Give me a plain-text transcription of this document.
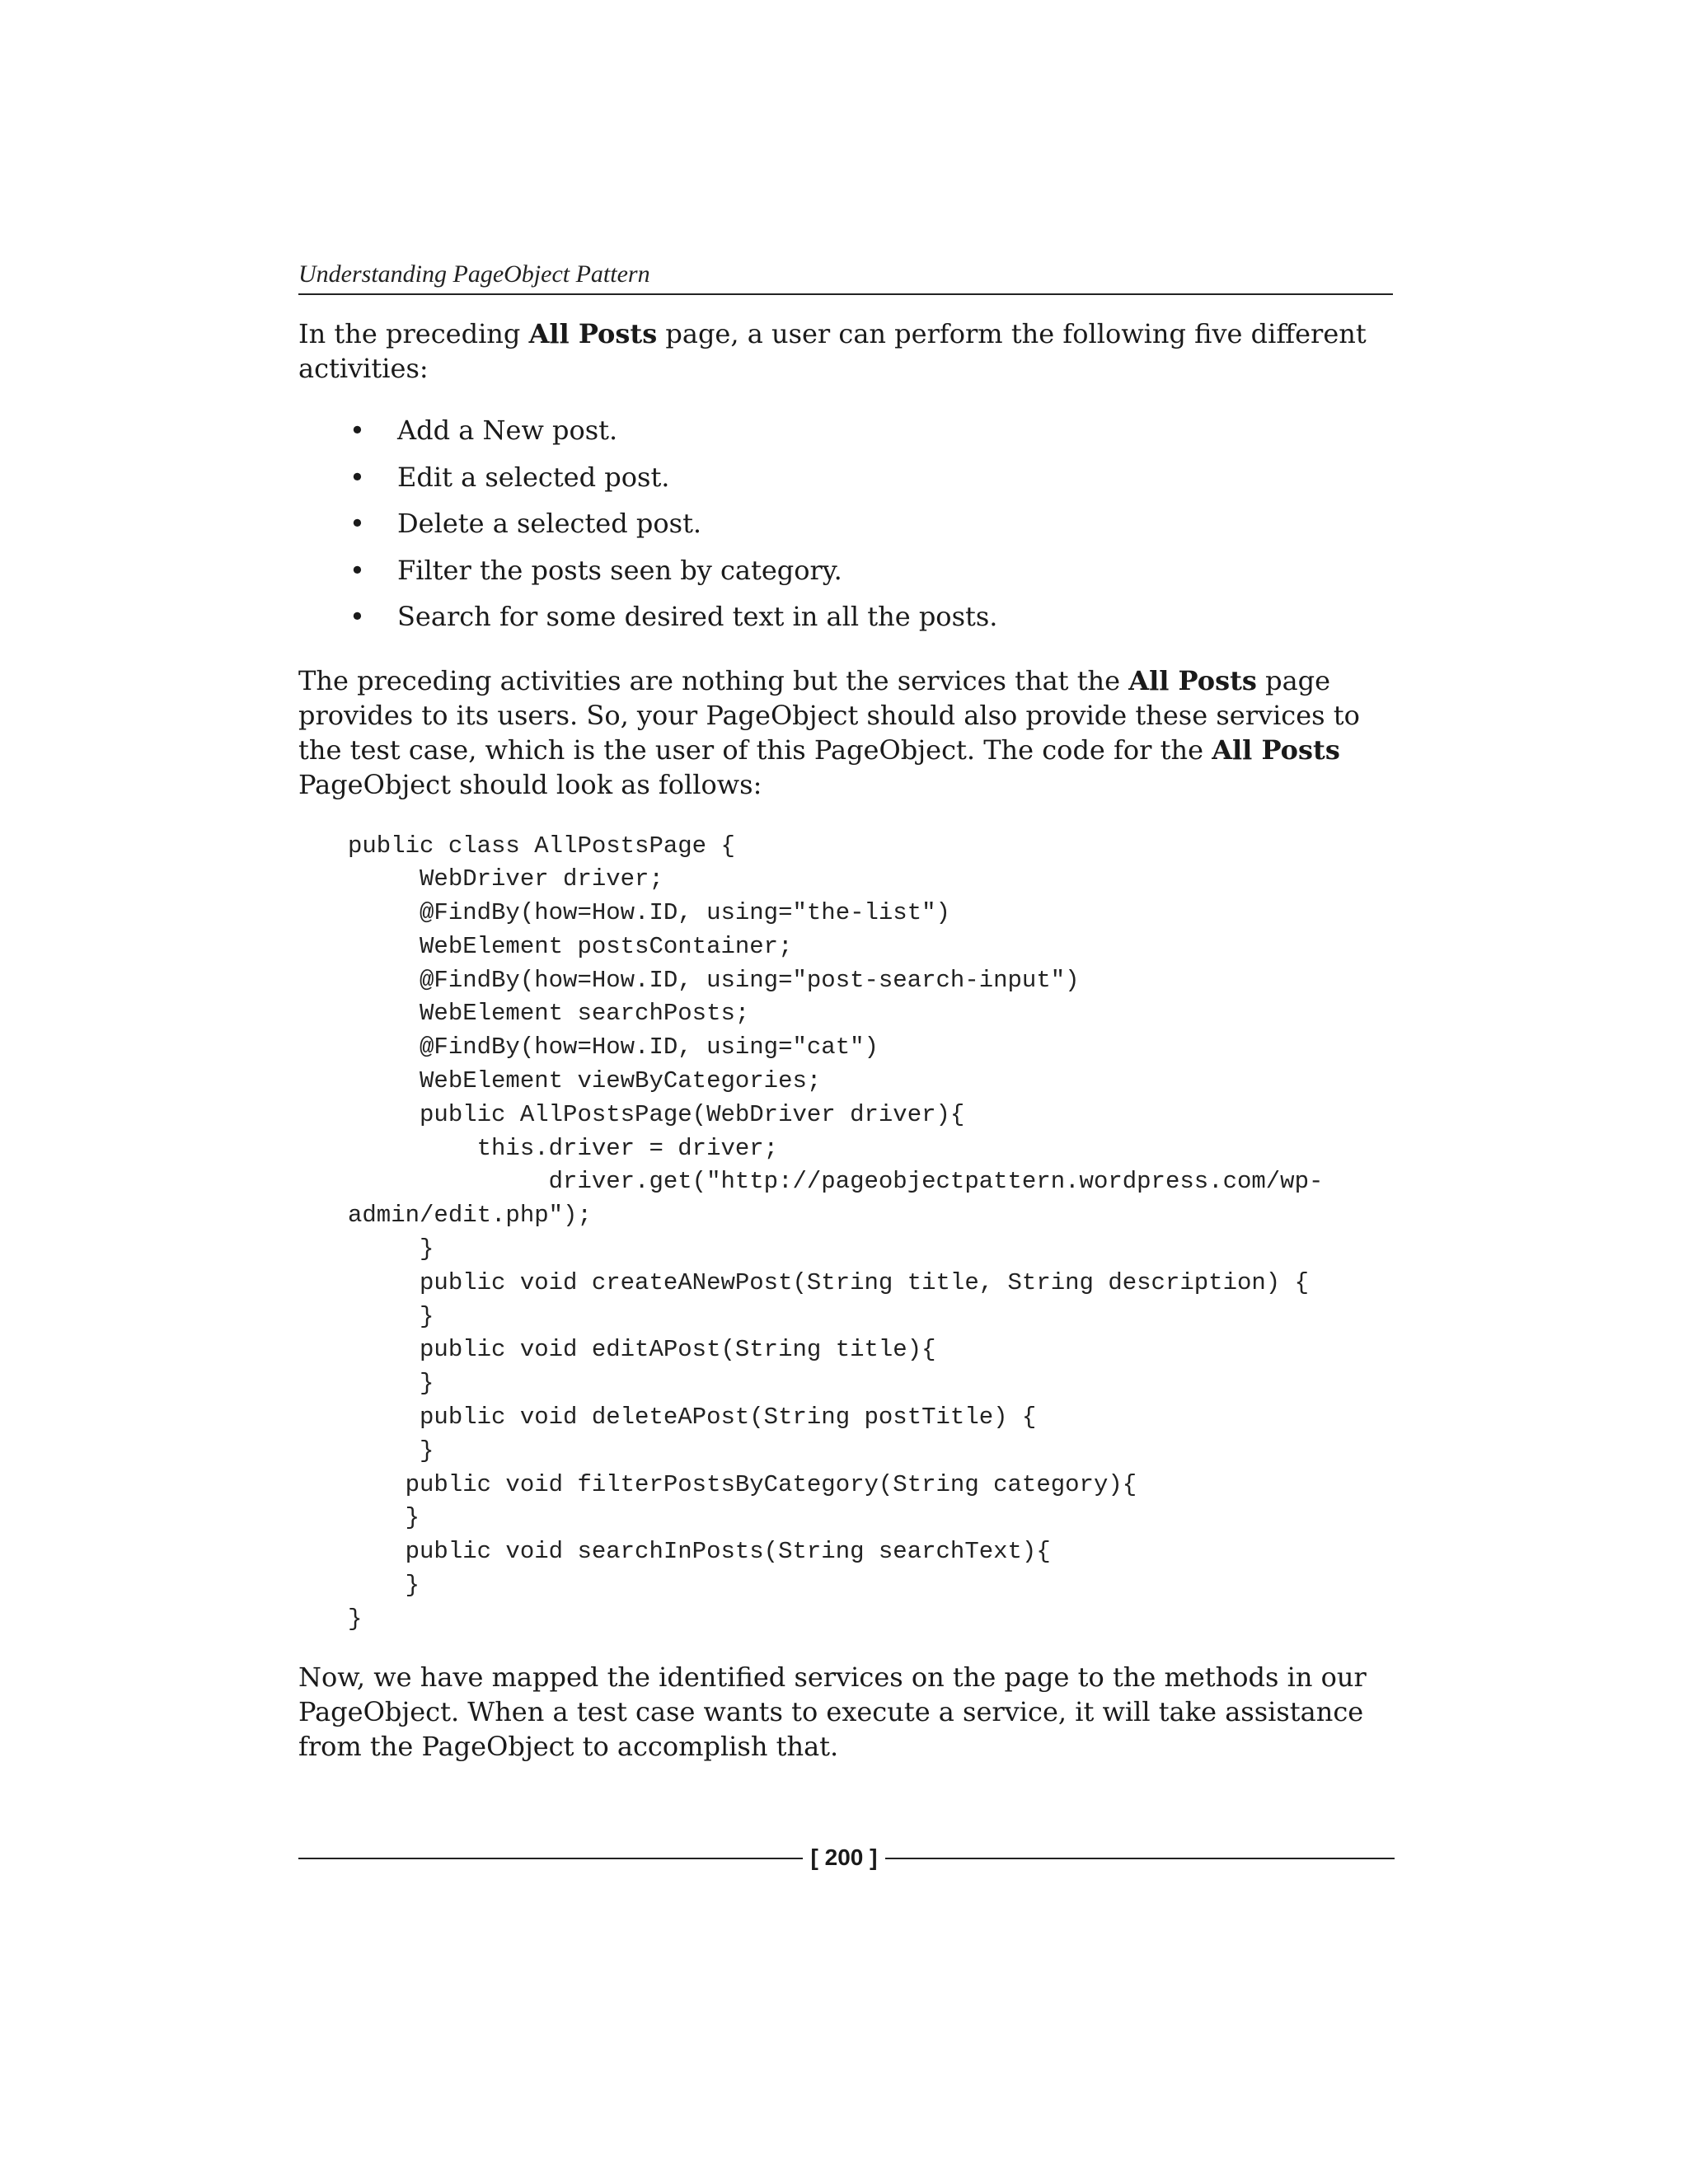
Understanding PageObject Pattern

In the preceding All Posts page, a user can perform the following five different activities:

• Add a New post.
• Edit a selected post.
• Delete a selected post.
• Filter the posts seen by category.
• Search for some desired text in all the posts.

The preceding activities are nothing but the services that the All Posts page provides to its users. So, your PageObject should also provide these services to the test case, which is the user of this PageObject. The code for the All Posts PageObject should look as follows:

public class AllPostsPage {
WebDriver driver;
@FindBy(how=How.ID, using="the-list")
WebElement postsContainer;
@FindBy(how=How.ID, using="post-search-input")
WebElement searchPosts;
@FindBy(how=How.ID, using="cat")
WebElement viewByCategories;
public AllPostsPage(WebDriver driver){
this.driver = driver;
driver.get("http://pageobjectpattern.wordpress.com/wp-
admin/edit.php");
}
public void createANewPost(String title, String description) {
}
public void editAPost(String title){
}
public void deleteAPost(String postTitle) {
}
public void filterPostsByCategory(String category){
}
public void searchInPosts(String searchText){
}
}

Now, we have mapped the identified services on the page to the methods in our PageObject. When a test case wants to execute a service, it will take assistance from the PageObject to accomplish that.

[ 200 ]
